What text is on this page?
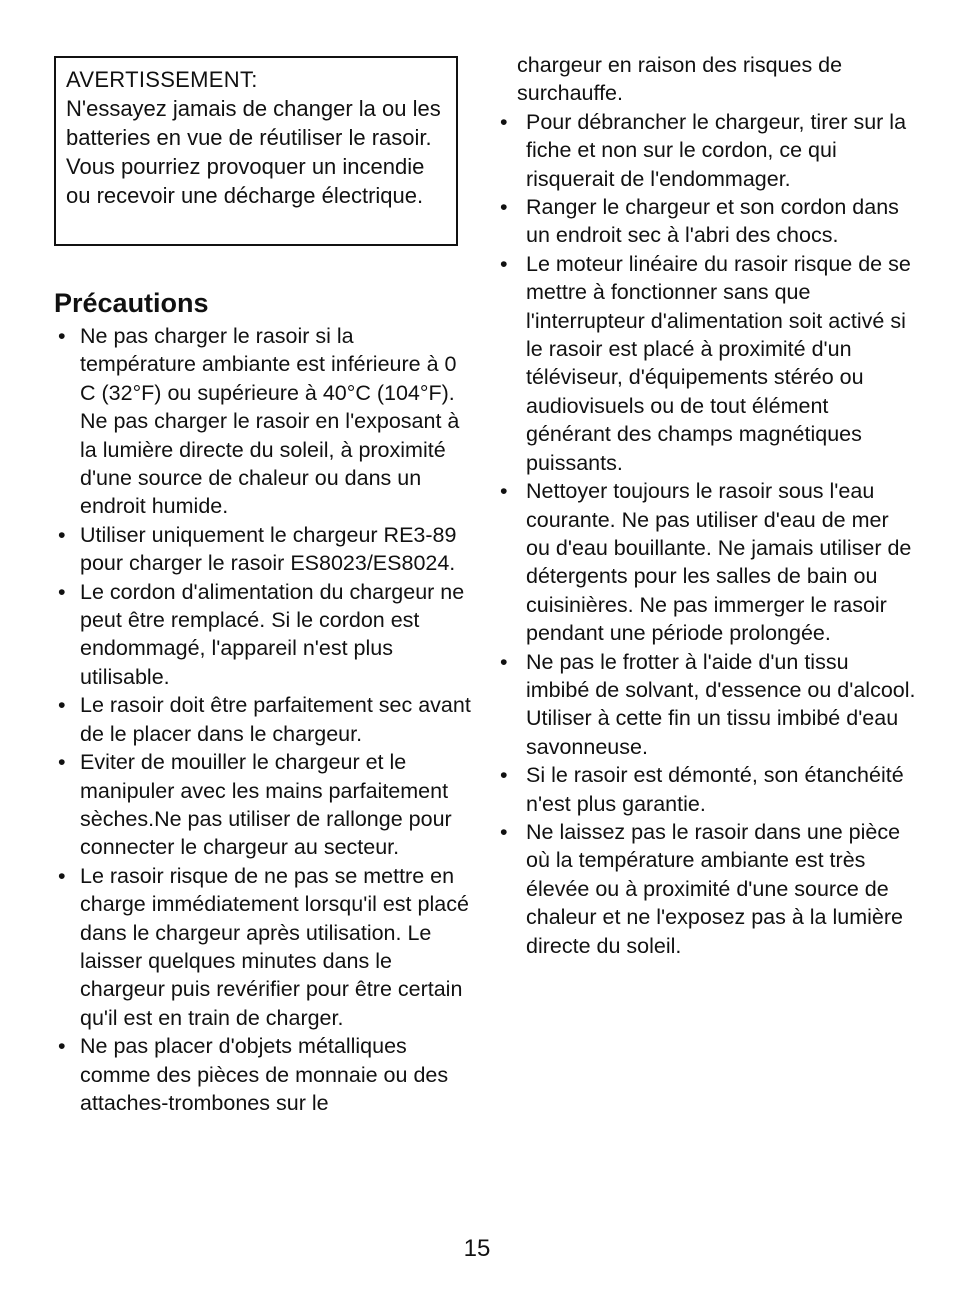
AVERTISSEMENT:
N'essayez jamais de changer la ou les batteries en vue de réutiliser le rasoir. Vous pourriez provoquer un incendie ou recevoir une décharge électrique.
Précautions
• Ne pas charger le rasoir si la température ambiante est inférieure à 0 C (32°F) ou supérieure à 40°C (104°F). Ne pas charger le rasoir en l'exposant à la lumière directe du soleil, à proximité d'une source de chaleur ou dans un endroit humide.
• Utiliser uniquement le chargeur RE3-89 pour charger le rasoir ES8023/ES8024.
• Le cordon d'alimentation du chargeur ne peut être remplacé. Si le cordon est endommagé, l'appareil n'est plus utilisable.
• Le rasoir doit être parfaitement sec avant de le placer dans le chargeur.
• Eviter de mouiller le chargeur et le manipuler avec les mains parfaitement sèches.Ne pas utiliser de rallonge pour connecter le chargeur au secteur.
• Le rasoir risque de ne pas se mettre en charge immédiatement lorsqu'il est placé dans le chargeur après utilisation. Le laisser quelques minutes dans le chargeur puis revérifier pour être certain qu'il est en train de charger.
• Ne pas placer d'objets métalliques comme des pièces de monnaie ou des attaches-trombones sur le
chargeur en raison des risques de surchauffe.
• Pour débrancher le chargeur, tirer sur la fiche et non sur le cordon, ce qui risquerait de l'endommager.
• Ranger le chargeur et son cordon dans un endroit sec à l'abri des chocs.
• Le moteur linéaire du rasoir risque de se mettre à fonctionner sans que l'interrupteur d'alimentation soit activé si le rasoir est placé à proximité d'un téléviseur, d'équipements stéréo ou audiovisuels ou de tout élément générant des champs magnétiques puissants.
• Nettoyer toujours le rasoir sous l'eau courante. Ne pas utiliser d'eau de mer ou d'eau bouillante. Ne jamais utiliser de détergents pour les salles de bain ou cuisinières. Ne pas immerger le rasoir pendant une période prolongée.
• Ne pas le frotter à l'aide d'un tissu imbibé de solvant, d'essence ou d'alcool. Utiliser à cette fin un tissu imbibé d'eau savonneuse.
• Si le rasoir est démonté, son étanchéité n'est plus garantie.
• Ne laissez pas le rasoir dans une pièce où la température ambiante est très élevée ou à proximité d'une source de chaleur et ne l'exposez pas à la lumière directe du soleil.
15
